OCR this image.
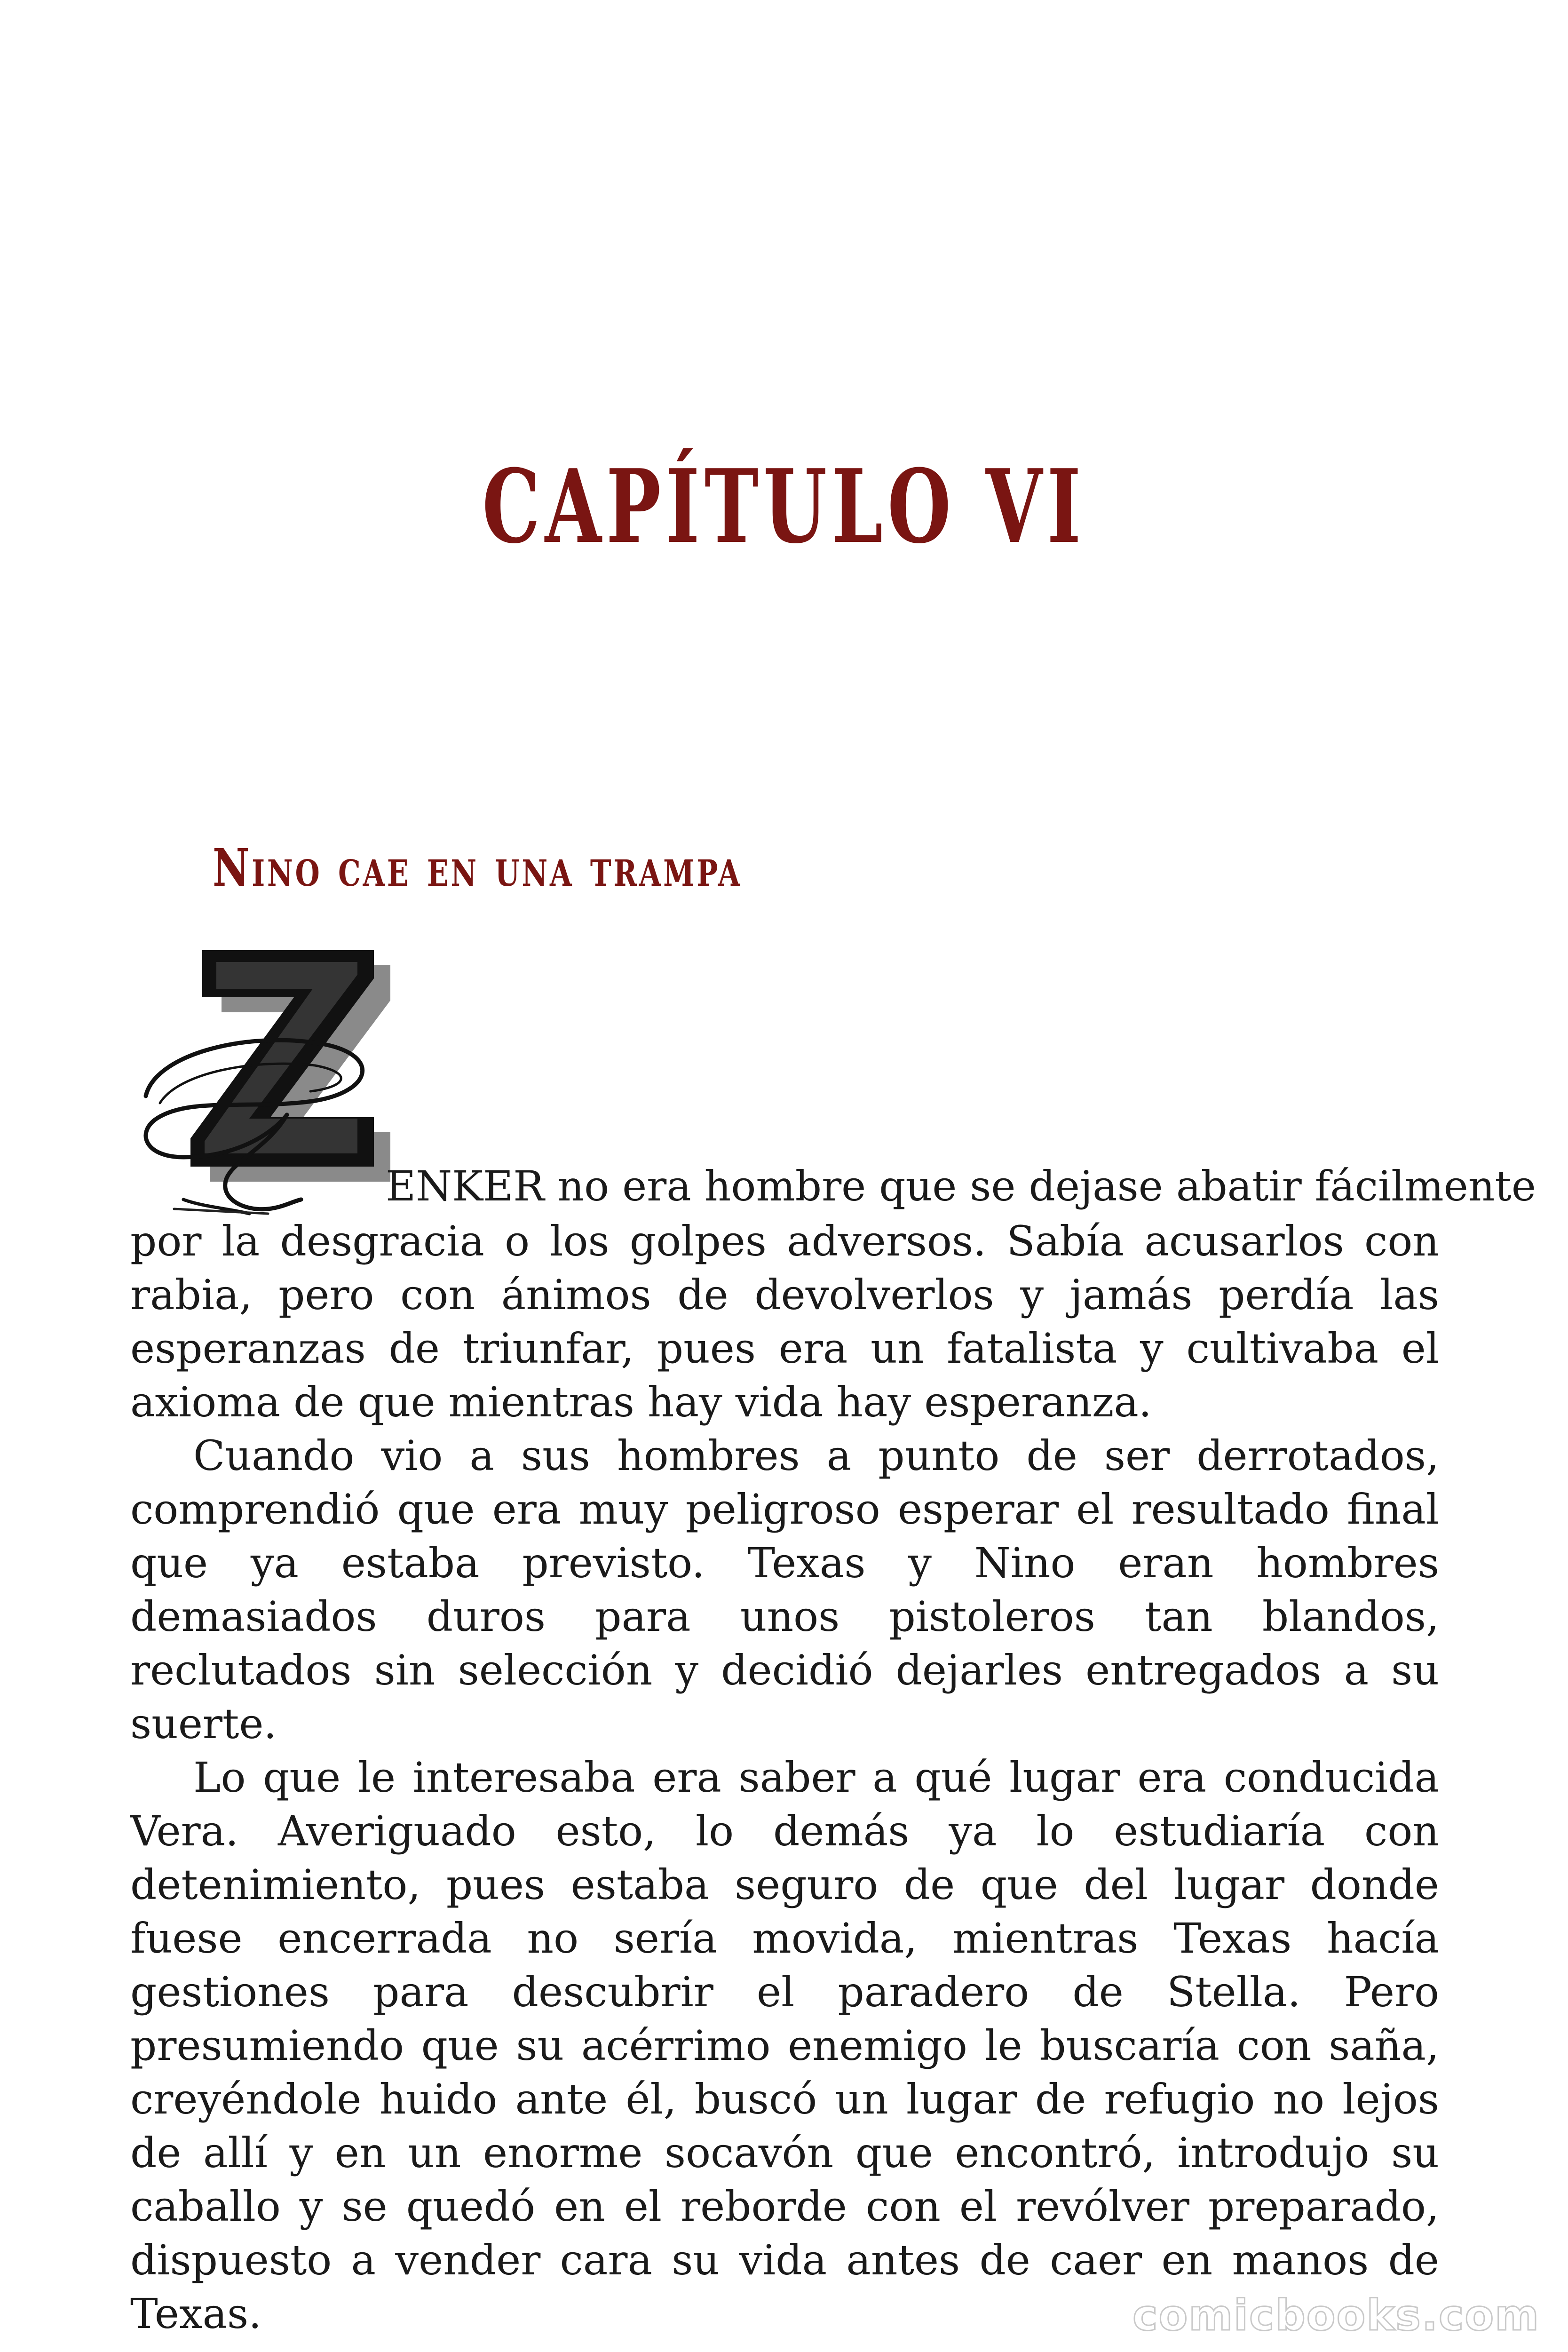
CAPÍTULO VI
Nino cae en una trampa
ENKER no era hombre que se dejase abatir fácilmente

por la desgracia o los golpes adversos. Sabía acusarlos con rabia, pero con ánimos de devolverlos y jamás perdía las esperanzas de triunfar, pues era un fatalista y cultivaba el axioma de que mientras hay vida hay esperanza.

Cuando vio a sus hombres a punto de ser derrotados, comprendió que era muy peligroso esperar el resultado final que ya estaba previsto. Texas y Nino eran hombres demasiados duros para unos pistoleros tan blandos, reclutados sin selección y decidió dejarles entregados a su suerte.

Lo que le interesaba era saber a qué lugar era conducida Vera. Averiguado esto, lo demás ya lo estudiaría con detenimiento, pues estaba seguro de que del lugar donde fuese encerrada no sería movida, mientras Texas hacía gestiones para descubrir el paradero de Stella. Pero presumiendo que su acérrimo enemigo le buscaría con saña, creyéndole huido ante él, buscó un lugar de refugio no lejos de allí y en un enorme socavón que encontró, introdujo su caballo y se quedó en el reborde con el revólver preparado, dispuesto a vender cara su vida antes de caer en manos de Texas.	comicbooks.com
